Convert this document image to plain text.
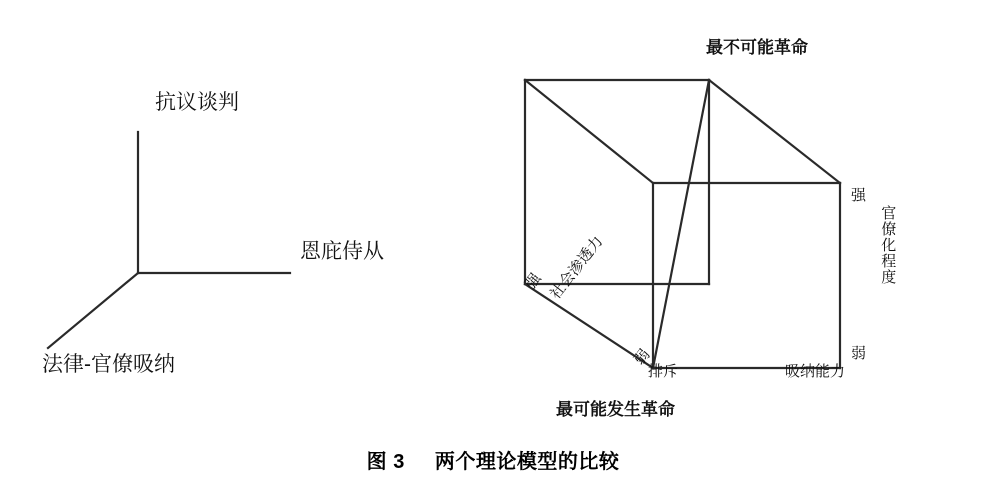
抗议谈判
恩庇侍从
法律-官僚吸纳
最不可能革命
最可能发生革命
强
弱
官僚化程度
吸纳能力
强 社会渗透力
弱
排斥
图 3 两个理论模型的比较
